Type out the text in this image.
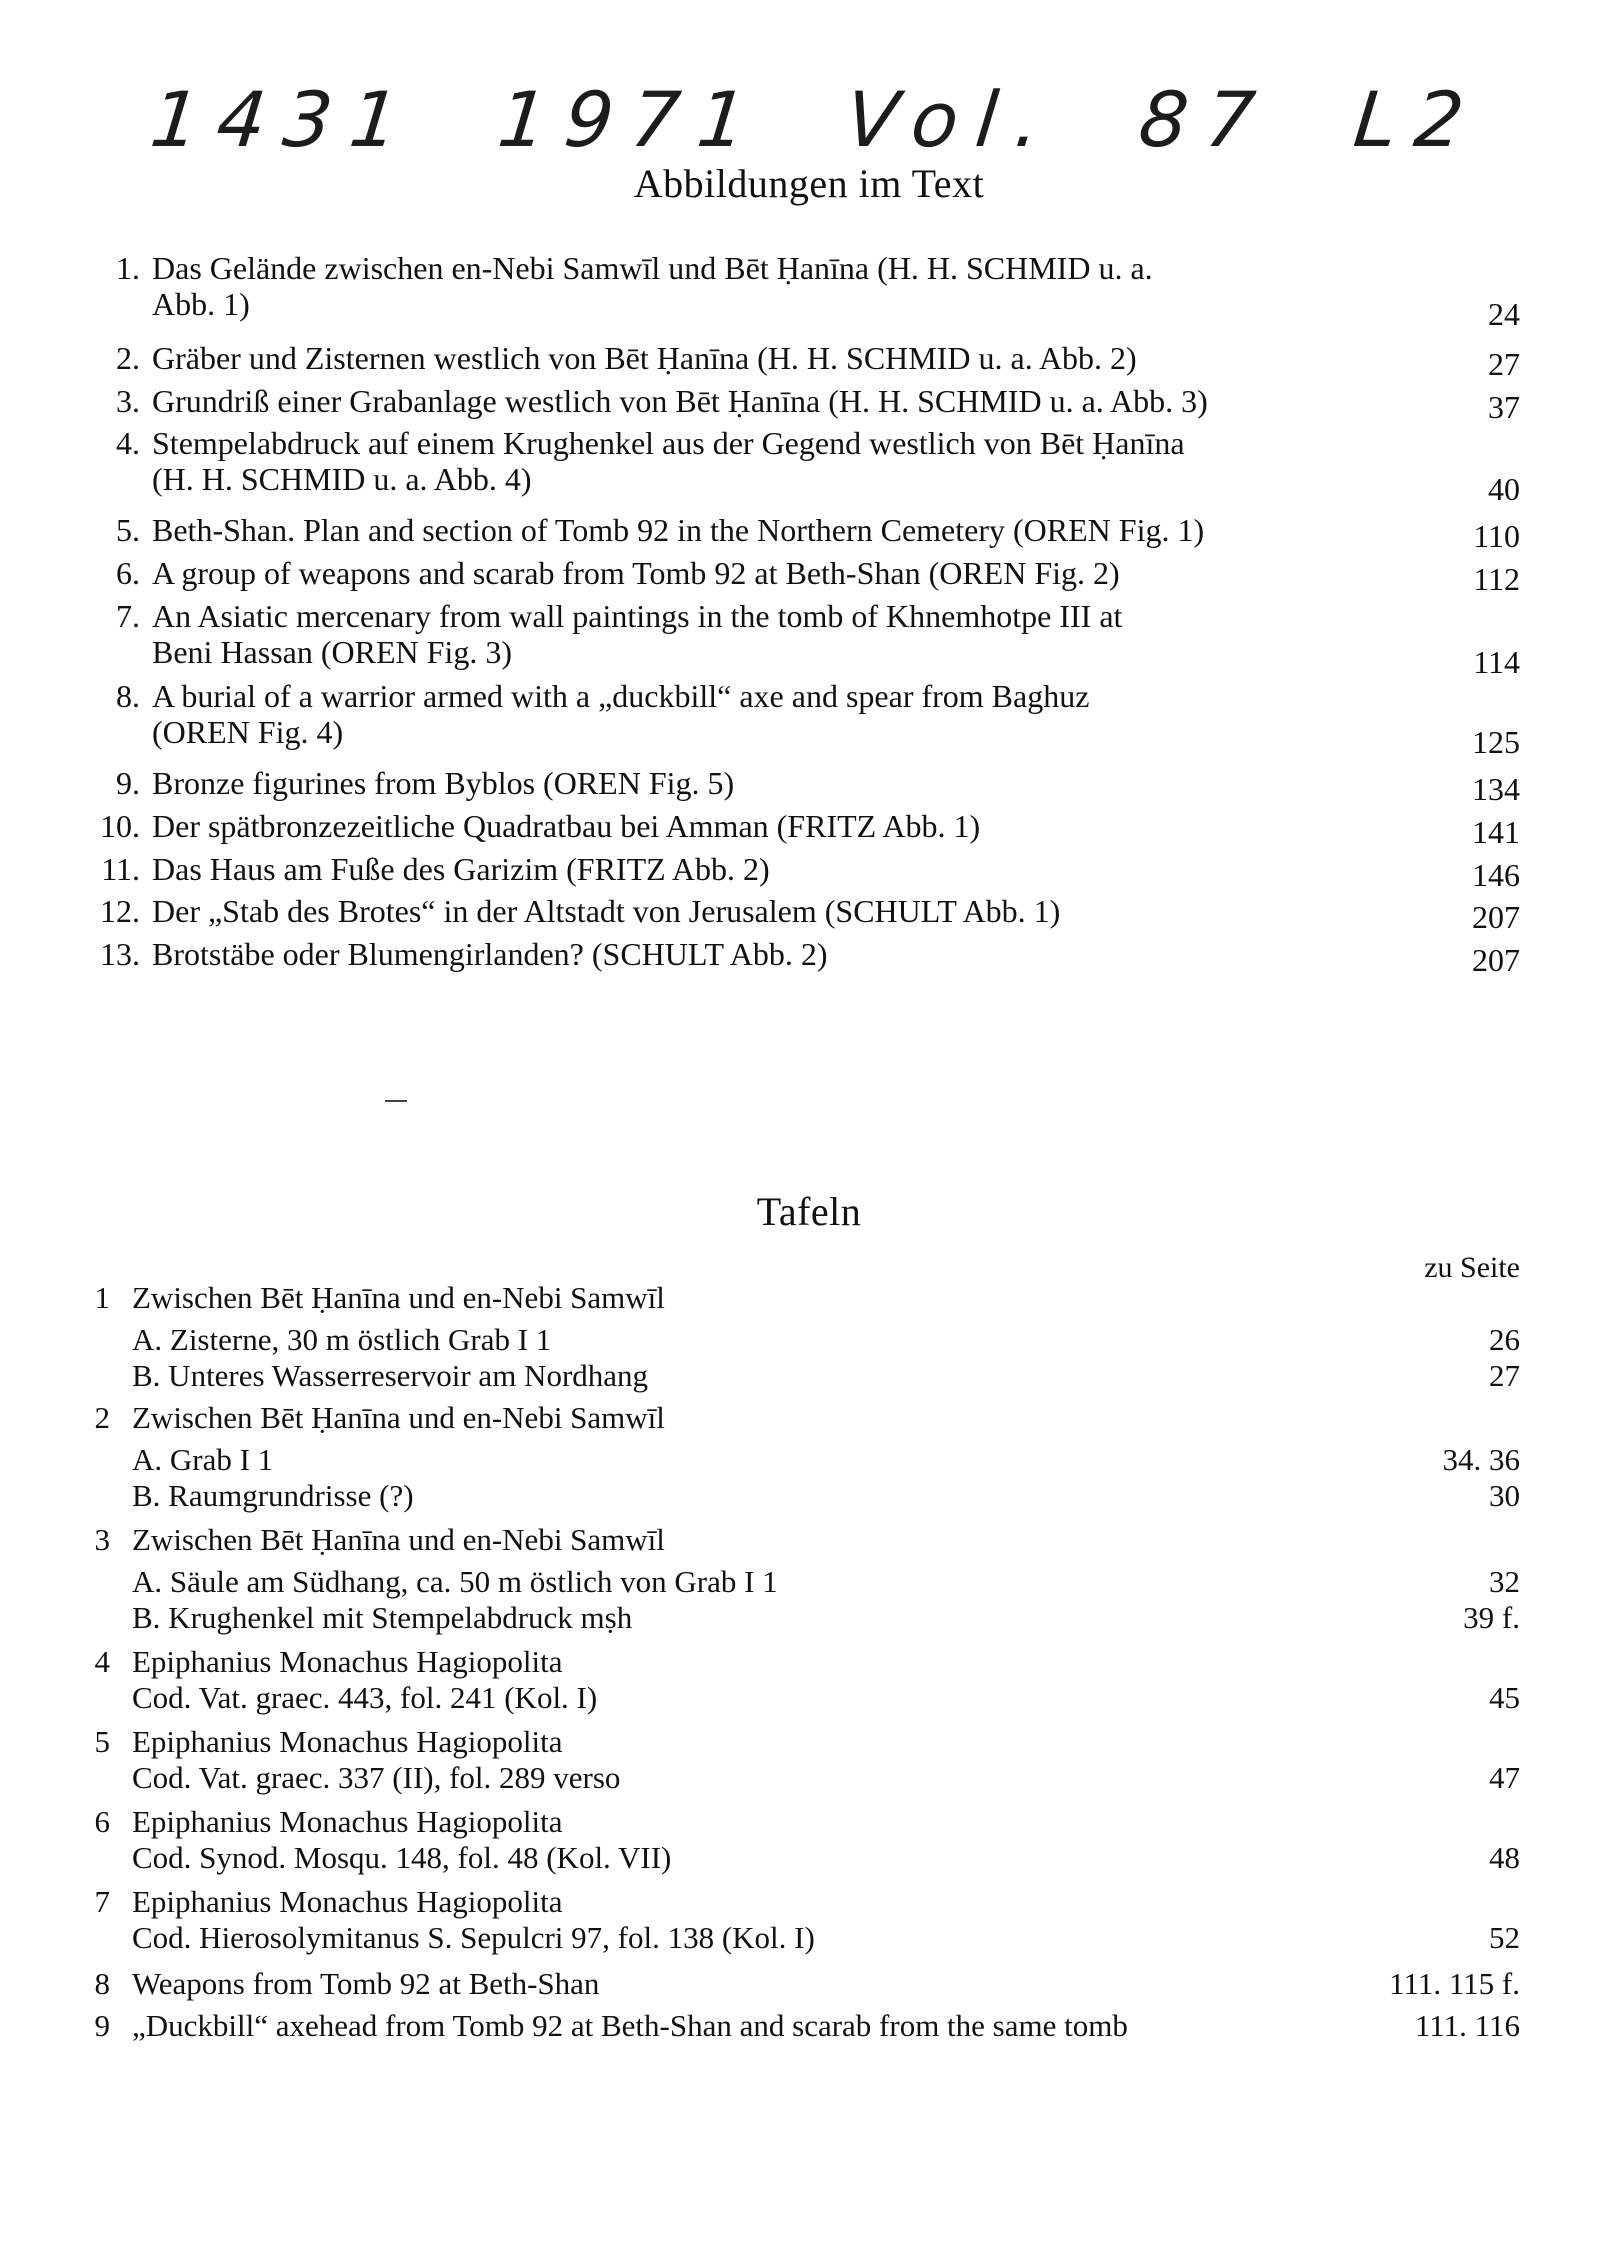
1431 1971 Vol. 87 L2
Abbildungen im Text
1. Das Gelände zwischen en-Nebi Samwīl und Bēt Ḥanīna (H. H. SCHMID u. a.
Abb. 1)	24
2. Gräber und Zisternen westlich von Bēt Ḥanīna (H. H. SCHMID u. a. Abb. 2)	27
3. Grundriß einer Grabanlage westlich von Bēt Ḥanīna (H. H. SCHMID u. a. Abb. 3)	37
4. Stempelabdruck auf einem Krughenkel aus der Gegend westlich von Bēt Ḥanīna
(H. H. SCHMID u. a. Abb. 4)	40
5. Beth-Shan. Plan and section of Tomb 92 in the Northern Cemetery (OREN Fig. 1)	110
6. A group of weapons and scarab from Tomb 92 at Beth-Shan (OREN Fig. 2)	112
7. An Asiatic mercenary from wall paintings in the tomb of Khnemhotpe III at
Beni Hassan (OREN Fig. 3)	114
8. A burial of a warrior armed with a „duckbill“ axe and spear from Baghuz
(OREN Fig. 4)	125
9. Bronze figurines from Byblos (OREN Fig. 5)	134
10. Der spätbronzezeitliche Quadratbau bei Amman (FRITZ Abb. 1)	141
11. Das Haus am Fuße des Garizim (FRITZ Abb. 2)	146
12. Der „Stab des Brotes“ in der Altstadt von Jerusalem (SCHULT Abb. 1)	207
13. Brotstäbe oder Blumengirlanden? (SCHULT Abb. 2)	207
Tafeln
zu Seite
1 Zwischen Bēt Ḥanīna und en-Nebi Samwīl
A. Zisterne, 30 m östlich Grab I 1	26
B. Unteres Wasserreservoir am Nordhang	27
2 Zwischen Bēt Ḥanīna und en-Nebi Samwīl
A. Grab I 1	34. 36
B. Raumgrundrisse (?)	30
3 Zwischen Bēt Ḥanīna und en-Nebi Samwīl
A. Säule am Südhang, ca. 50 m östlich von Grab I 1	32
B. Krughenkel mit Stempelabdruck mṣh	39 f.
4 Epiphanius Monachus Hagiopolita
Cod. Vat. graec. 443, fol. 241 (Kol. I)	45
5 Epiphanius Monachus Hagiopolita
Cod. Vat. graec. 337 (II), fol. 289 verso	47
6 Epiphanius Monachus Hagiopolita
Cod. Synod. Mosqu. 148, fol. 48 (Kol. VII)	48
7 Epiphanius Monachus Hagiopolita
Cod. Hierosolymitanus S. Sepulcri 97, fol. 138 (Kol. I)	52
8 Weapons from Tomb 92 at Beth-Shan	111. 115 f.
9 „Duckbill“ axehead from Tomb 92 at Beth-Shan and scarab from the same tomb	111. 116
